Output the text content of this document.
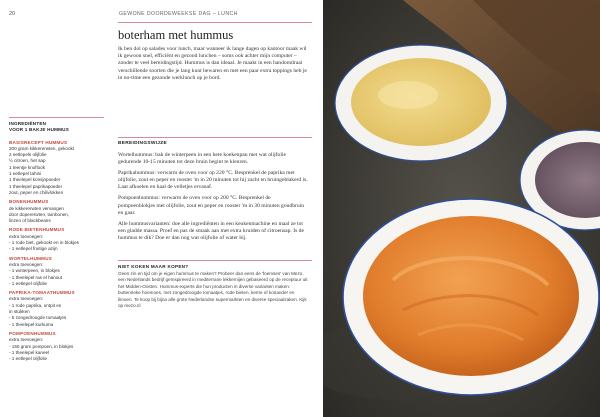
20	GEWONE DOORDEWEEKSE DAG – LUNCH
boterham met hummus
Ik ben dol op salades voor lunch, maar wanneer ik lange dagen op kantoor maak wil ik gewoon snel, efficiënt en gezond lunchen – soms ook achter mijn computer – zonder te veel bereidingstijd. Hummus is dan ideaal. Je maakt in een handomdraai verschillende soorten die je lang kunt bewaren en met een paar extra toppings heb je in no-time een gezonde werklunch op je bord.
INGREDIËNTEN
VOOR 1 BAKJE HUMMUS
BASISRECEPT HUMMUS
200 gram kikkererwten, gekookt
2 eetlepels olijfolie
½ citroen, het sap
1 teentje knoflook
1 eetlepel tahini
1 theelepel komijnpoeder
1 theelepel paprikapoeder
zout, peper en chilivlokken
BONENHUMMUS
de kikkererwten vervangen
door dopererwten, tuinbonen,
linzen of blackbeans
RODE BIETENHUMMUS
extra toevoegen:
- 1 rode biet, gekookt en in blokjes
- 1 eetlepel fruitige azijn
WORTELHUMMUS
extra toevoegen:
- 1 winterpeen, in blokjes
- 1 theelepel ras el hanout
- 1 eetlepel olijfolie
PAPRIKA-TOMAATHUMMUS
extra toevoegen:
- 1 rode paprika, ontpit en
in stukken
- 5 zongedroogde tomaatjes
- 1 theelepel kurkuma
POMPOENHUMMUS
extra toevoegen:
- 150 gram pompoen, in blokjes
- 1 theelepel kaneel
- 1 eetlepel olijfolie
BEREIDINGSWIJZE

Wortelhummus: bak de winterpeen in een hete koekenpan met wat olijfolie gedurende 10-15 minuten tot deze bruin begint te kleuren.

Paprikahummus: verwarm de oven voor op 220 °C. Besprenkel de paprika met olijfolie, zout en peper en rooster 'm in 20 minuten tot hij zacht en bruingeblakerd is. Laat afkoelen en haal de velletjes ervanaf.

Pompoenhummus: verwarm de oven voor op 200 °C. Besprenkel de pompoenblokjes met olijfolie, zout en peper en rooster 'm in 30 minuten goudbruin en gaar.

Alle hummusvarianten: doe alle ingrediënten in een keukenmachine en maal ze tot een gladde massa. Proef en pas de smaak aan met extra kruiden of citroensap. Is de hummus te dik? Doe er dan nog wat olijfolie of water bij.

NIET KOKEN MAAR KOPEN?
Geen zin en tijd om je eigen hummus te maken? Probeer dan eens de 'foemses' van Mezo, een Nederlands bedrijf geïnspireerd in mediterrane lekkernijen gebaseerd op de receptuur uit het Midden-Oosten. Hummus-experts die hun producten in diverse varianten maken: buttenrieke hoemoes, met zongedroogde tomaatjes, rode bieten, kerrie of koriander en limoen. Te koop bij bijna alle grote Nederlandse supermarkten en diverse speciaalzaken. Kijk op mezo.nl
